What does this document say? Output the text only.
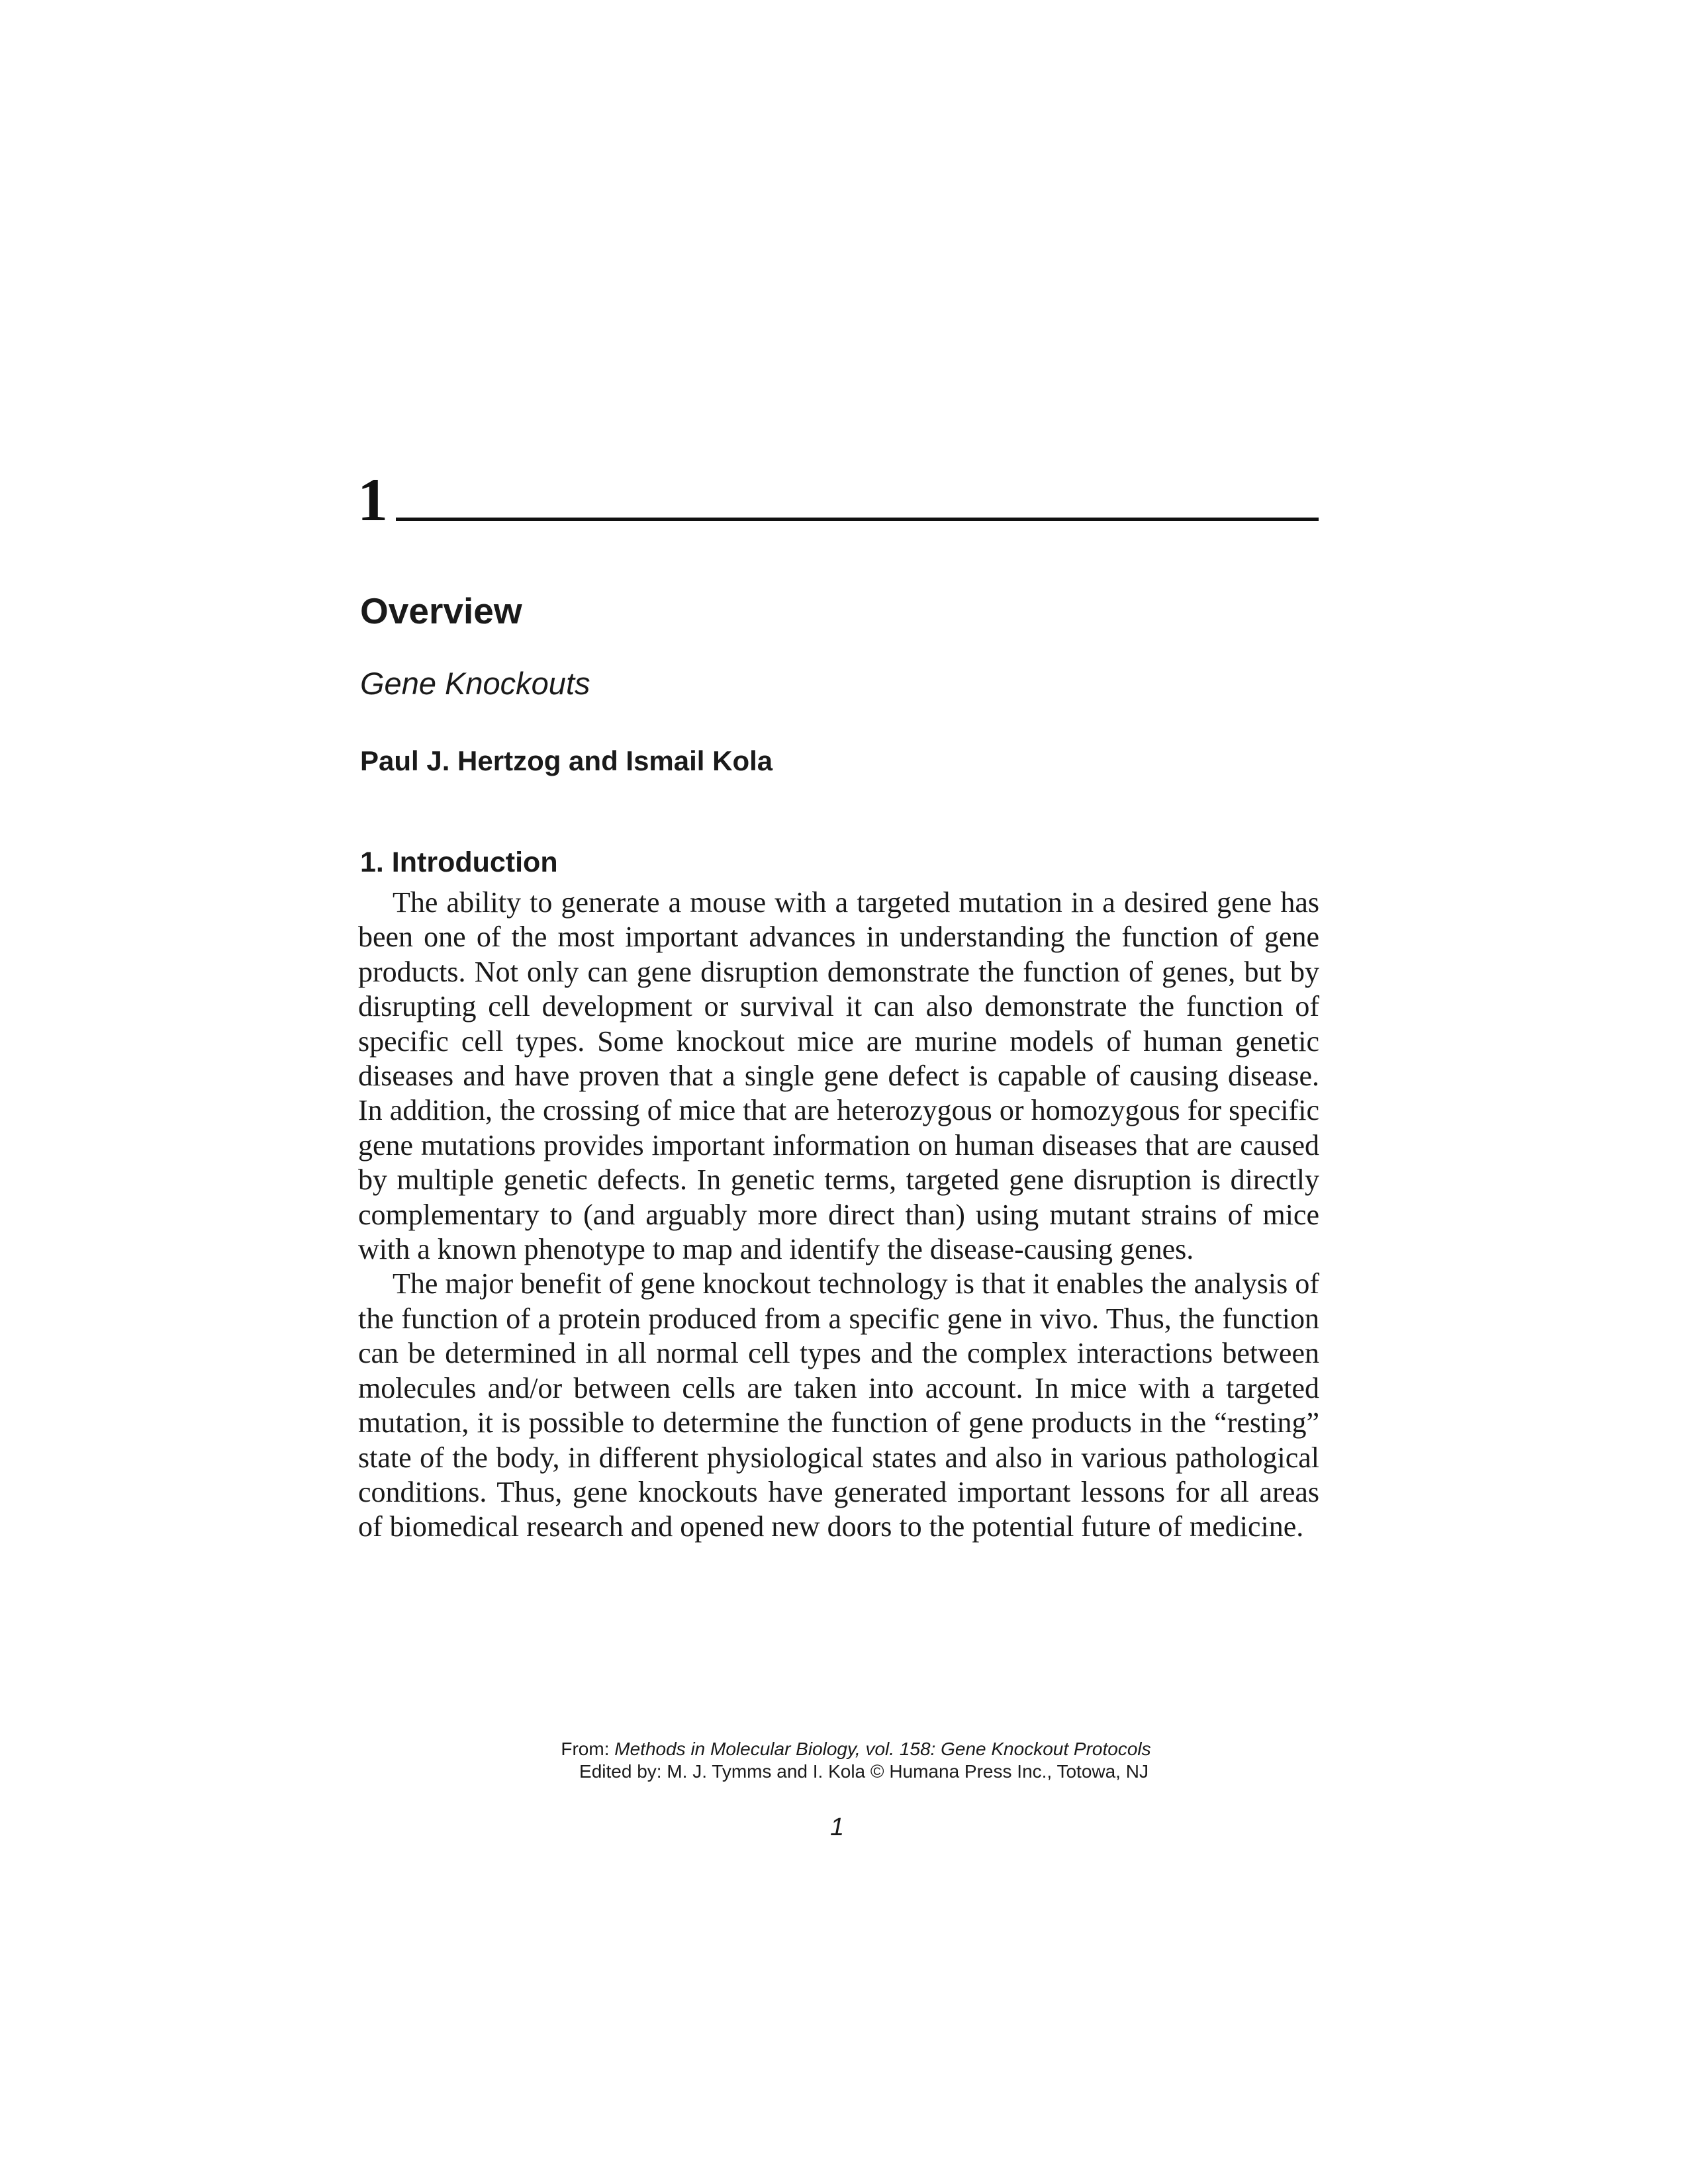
1
Overview
Gene Knockouts
Paul J. Hertzog and Ismail Kola
1. Introduction

The ability to generate a mouse with a targeted mutation in a desired gene has been one of the most important advances in understanding the function of gene products. Not only can gene disruption demonstrate the function of genes, but by disrupting cell development or survival it can also demonstrate the function of specific cell types. Some knockout mice are murine models of human genetic diseases and have proven that a single gene defect is capable of causing disease. In addition, the crossing of mice that are heterozygous or homozygous for specific gene mutations provides important information on human diseases that are caused by multiple genetic defects. In genetic terms, targeted gene disruption is directly complementary to (and arguably more direct than) using mutant strains of mice with a known phenotype to map and identify the disease-causing genes.

The major benefit of gene knockout technology is that it enables the analysis of the function of a protein produced from a specific gene in vivo. Thus, the function can be determined in all normal cell types and the complex interactions between molecules and/or between cells are taken into account. In mice with a targeted mutation, it is possible to determine the function of gene products in the “resting” state of the body, in different physiological states and also in various pathological conditions. Thus, gene knockouts have generated important lessons for all areas of biomedical research and opened new doors to the potential future of medicine.

From: Methods in Molecular Biology, vol. 158: Gene Knockout Protocols
Edited by: M. J. Tymms and I. Kola © Humana Press Inc., Totowa, NJ
1
